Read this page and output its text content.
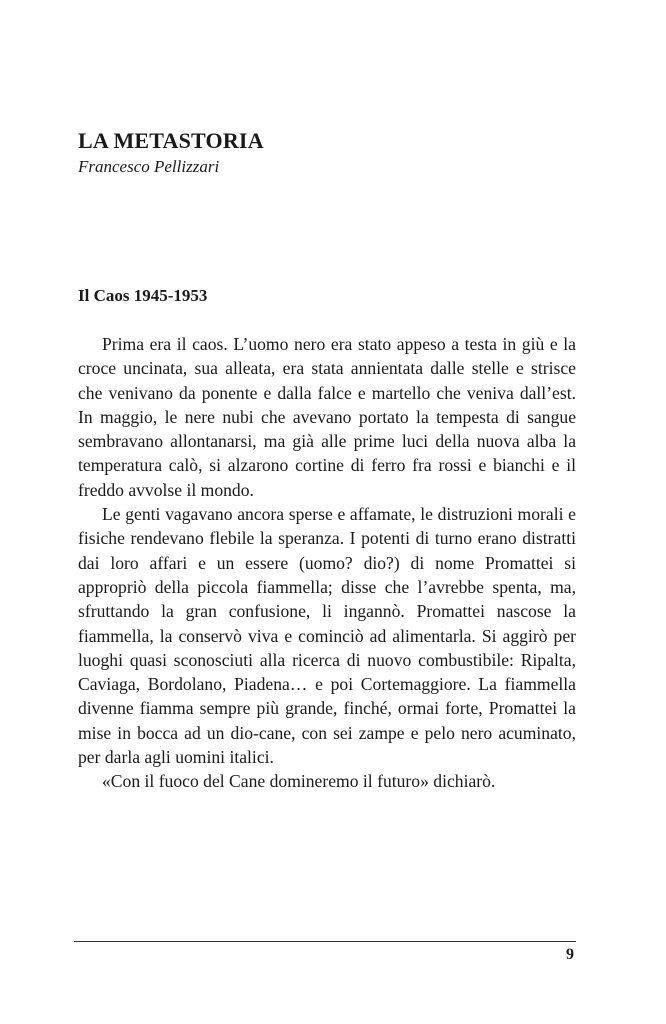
LA METASTORIA

Francesco Pellizzari

Il Caos 1945-1953

Prima era il caos. L’uomo nero era stato appeso a testa in giù e la croce uncinata, sua alleata, era stata annientata dalle stelle e strisce che venivano da ponente e dalla falce e martello che veniva dall’est. In maggio, le nere nubi che avevano portato la tempesta di sangue sembravano allontanarsi, ma già alle prime luci della nuova alba la temperatura calò, si alzarono cortine di ferro fra rossi e bianchi e il freddo avvolse il mondo.

Le genti vagavano ancora sperse e affamate, le distruzioni morali e fisiche rendevano flebile la speranza. I potenti di turno erano distratti dai loro affari e un essere (uomo? dio?) di nome Promattei si appropriò della piccola fiammella; disse che l’avrebbe spenta, ma, sfruttando la gran confusione, li ingannò. Promattei nascose la fiammella, la conservò viva e cominciò ad alimentarla. Si aggirò per luoghi quasi sconosciuti alla ricerca di nuovo combustibile: Ripalta, Caviaga, Bordolano, Piadena… e poi Cortemaggiore. La fiammella divenne fiamma sempre più grande, finché, ormai forte, Promattei la mise in bocca ad un dio-cane, con sei zampe e pelo nero acuminato, per darla agli uomini italici.

«Con il fuoco del Cane domineremo il futuro» dichiarò.

9
